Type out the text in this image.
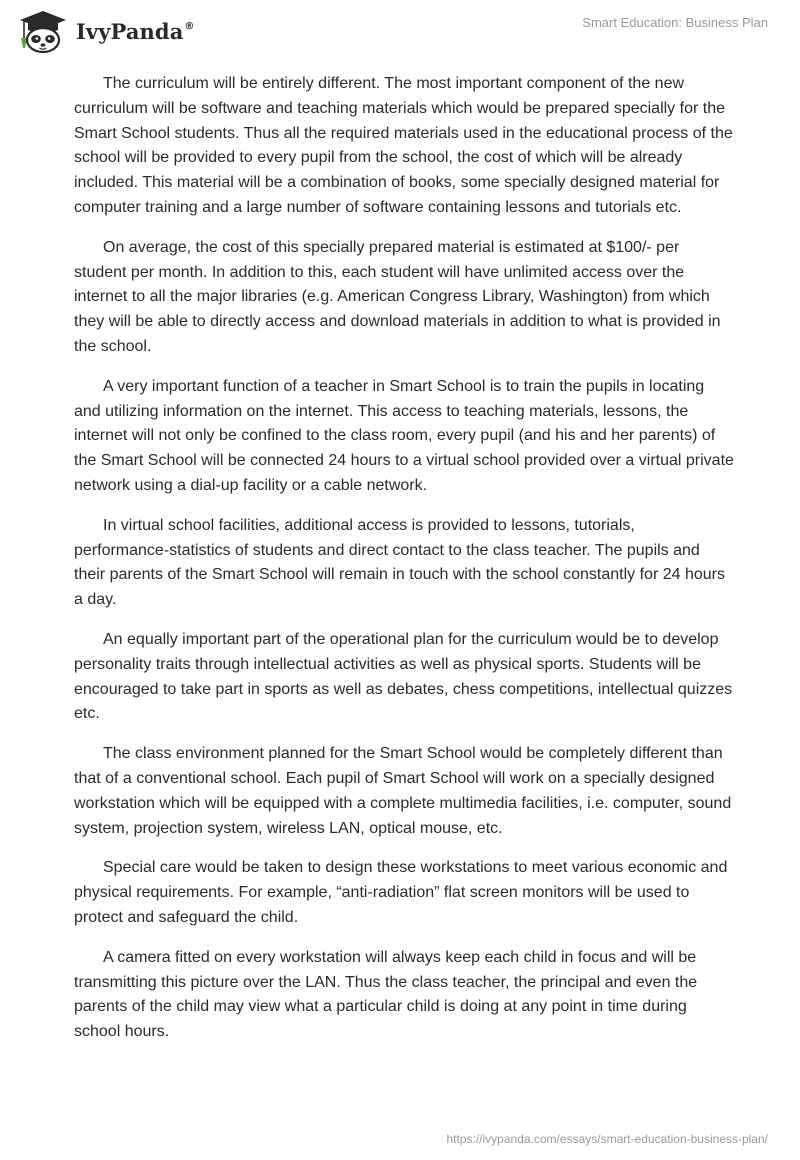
IvyPanda®	Smart Education: Business Plan

The curriculum will be entirely different. The most important component of the new curriculum will be software and teaching materials which would be prepared specially for the Smart School students. Thus all the required materials used in the educational process of the school will be provided to every pupil from the school, the cost of which will be already included. This material will be a combination of books, some specially designed material for computer training and a large number of software containing lessons and tutorials etc.

On average, the cost of this specially prepared material is estimated at $100/- per student per month. In addition to this, each student will have unlimited access over the internet to all the major libraries (e.g. American Congress Library, Washington) from which they will be able to directly access and download materials in addition to what is provided in the school.

A very important function of a teacher in Smart School is to train the pupils in locating and utilizing information on the internet. This access to teaching materials, lessons, the internet will not only be confined to the class room, every pupil (and his and her parents) of the Smart School will be connected 24 hours to a virtual school provided over a virtual private network using a dial-up facility or a cable network.

In virtual school facilities, additional access is provided to lessons, tutorials, performance-statistics of students and direct contact to the class teacher. The pupils and their parents of the Smart School will remain in touch with the school constantly for 24 hours a day.

An equally important part of the operational plan for the curriculum would be to develop personality traits through intellectual activities as well as physical sports. Students will be encouraged to take part in sports as well as debates, chess competitions, intellectual quizzes etc.

The class environment planned for the Smart School would be completely different than that of a conventional school. Each pupil of Smart School will work on a specially designed workstation which will be equipped with a complete multimedia facilities, i.e. computer, sound system, projection system, wireless LAN, optical mouse, etc.

Special care would be taken to design these workstations to meet various economic and physical requirements. For example, “anti-radiation” flat screen monitors will be used to protect and safeguard the child.

A camera fitted on every workstation will always keep each child in focus and will be transmitting this picture over the LAN. Thus the class teacher, the principal and even the parents of the child may view what a particular child is doing at any point in time during school hours.

https://ivypanda.com/essays/smart-education-business-plan/
